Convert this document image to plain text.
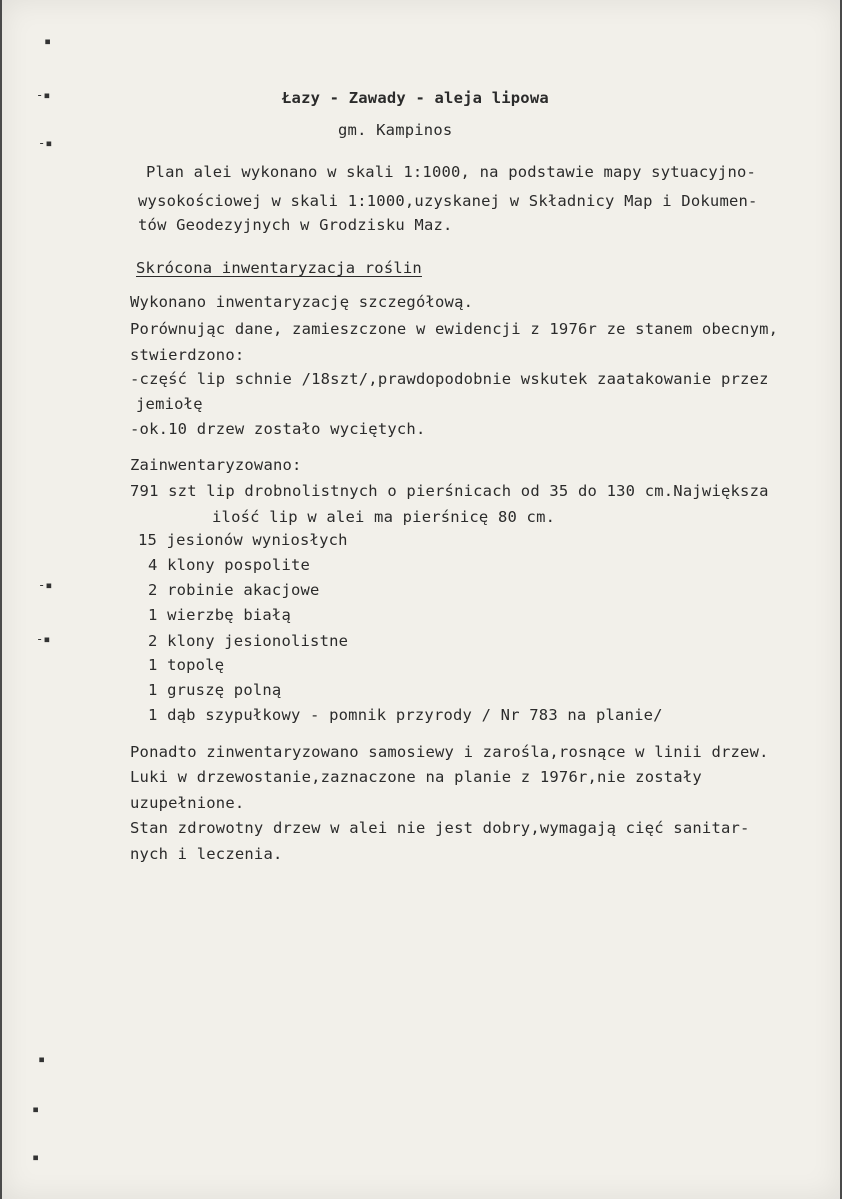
▪
-▪
-▪
-▪
-▪
▪
▪
▪
Łazy - Zawady - aleja lipowa
gm. Kampinos
Plan alei wykonano w skali 1:1000, na podstawie mapy sytuacyjno-
wysokościowej w skali 1:1000,uzyskanej w Składnicy Map i Dokumen-
tów Geodezyjnych w Grodzisku Maz.
Skrócona inwentaryzacja roślin
Wykonano inwentaryzację szczegółową.
Porównując dane, zamieszczone w ewidencji z 1976r ze stanem obecnym,
stwierdzono:
-część lip schnie /18szt/,prawdopodobnie wskutek zaatakowanie przez
jemiołę
-ok.10 drzew zostało wyciętych.
Zainwentaryzowano:
791 szt lip drobnolistnych o pierśnicach od 35 do 130 cm.Największa
ilość lip w alei ma pierśnicę 80 cm.
15 jesionów wyniosłych
4 klony pospolite
2 robinie akacjowe
1 wierzbę białą
2 klony jesionolistne
1 topolę
1 gruszę polną
1 dąb szypułkowy - pomnik przyrody / Nr 783 na planie/
Ponadto zinwentaryzowano samosiewy i zarośla,rosnące w linii drzew.
Luki w drzewostanie,zaznaczone na planie z 1976r,nie zostały
uzupełnione.
Stan zdrowotny drzew w alei nie jest dobry,wymagają cięć sanitar-
nych i leczenia.
